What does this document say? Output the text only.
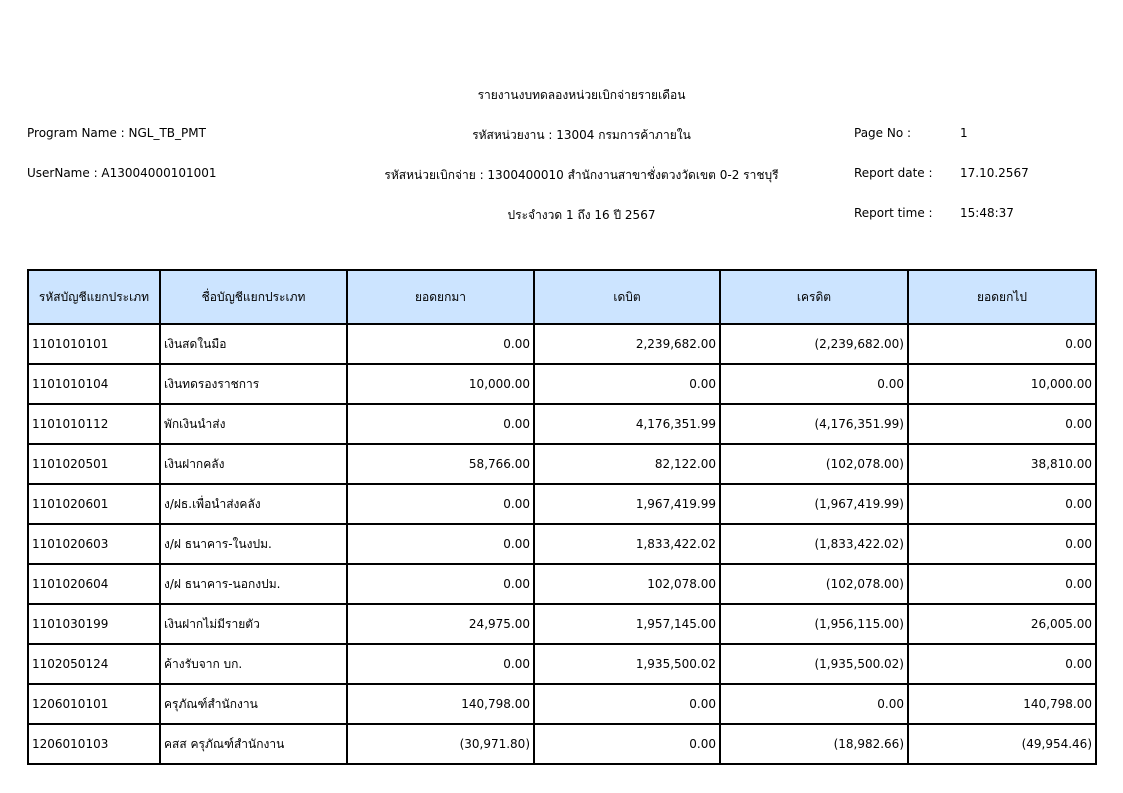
รายงานงบทดลองหน่วยเบิกจ่ายรายเดือน
Program Name : NGL_TB_PMT	รหัสหน่วยงาน : 13004 กรมการค้าภายใน	Page No :	1
UserName : A13004000101001	รหัสหน่วยเบิกจ่าย : 1300400010 สำนักงานสาขาชั่งตวงวัดเขต 0-2 ราชบุรี	Report date : 17.10.2567
ประจำงวด 1 ถึง 16 ปี 2567	Report time : 15:48:37
รหัสบัญชีแยกประเภท	ชื่อบัญชีแยกประเภท	ยอดยกมา	เดบิต	เครดิต	ยอดยกไป
1101010101	เงินสดในมือ	0.00	2,239,682.00	(2,239,682.00)	0.00
1101010104	เงินทดรองราชการ	10,000.00	0.00	0.00	10,000.00
1101010112	พักเงินนำส่ง	0.00	4,176,351.99	(4,176,351.99)	0.00
1101020501	เงินฝากคลัง	58,766.00	82,122.00	(102,078.00)	38,810.00
1101020601	ง/ฝธ.เพื่อนำส่งคลัง	0.00	1,967,419.99	(1,967,419.99)	0.00
1101020603	ง/ฝ ธนาคาร-ในงปม.	0.00	1,833,422.02	(1,833,422.02)	0.00
1101020604	ง/ฝ ธนาคาร-นอกงปม.	0.00	102,078.00	(102,078.00)	0.00
1101030199	เงินฝากไม่มีรายตัว	24,975.00	1,957,145.00	(1,956,115.00)	26,005.00
1102050124	ค้างรับจาก บก.	0.00	1,935,500.02	(1,935,500.02)	0.00
1206010101	ครุภัณฑ์สำนักงาน	140,798.00	0.00	0.00	140,798.00
1206010103	คสส ครุภัณฑ์สำนักงาน	(30,971.80)	0.00	(18,982.66)	(49,954.46)
